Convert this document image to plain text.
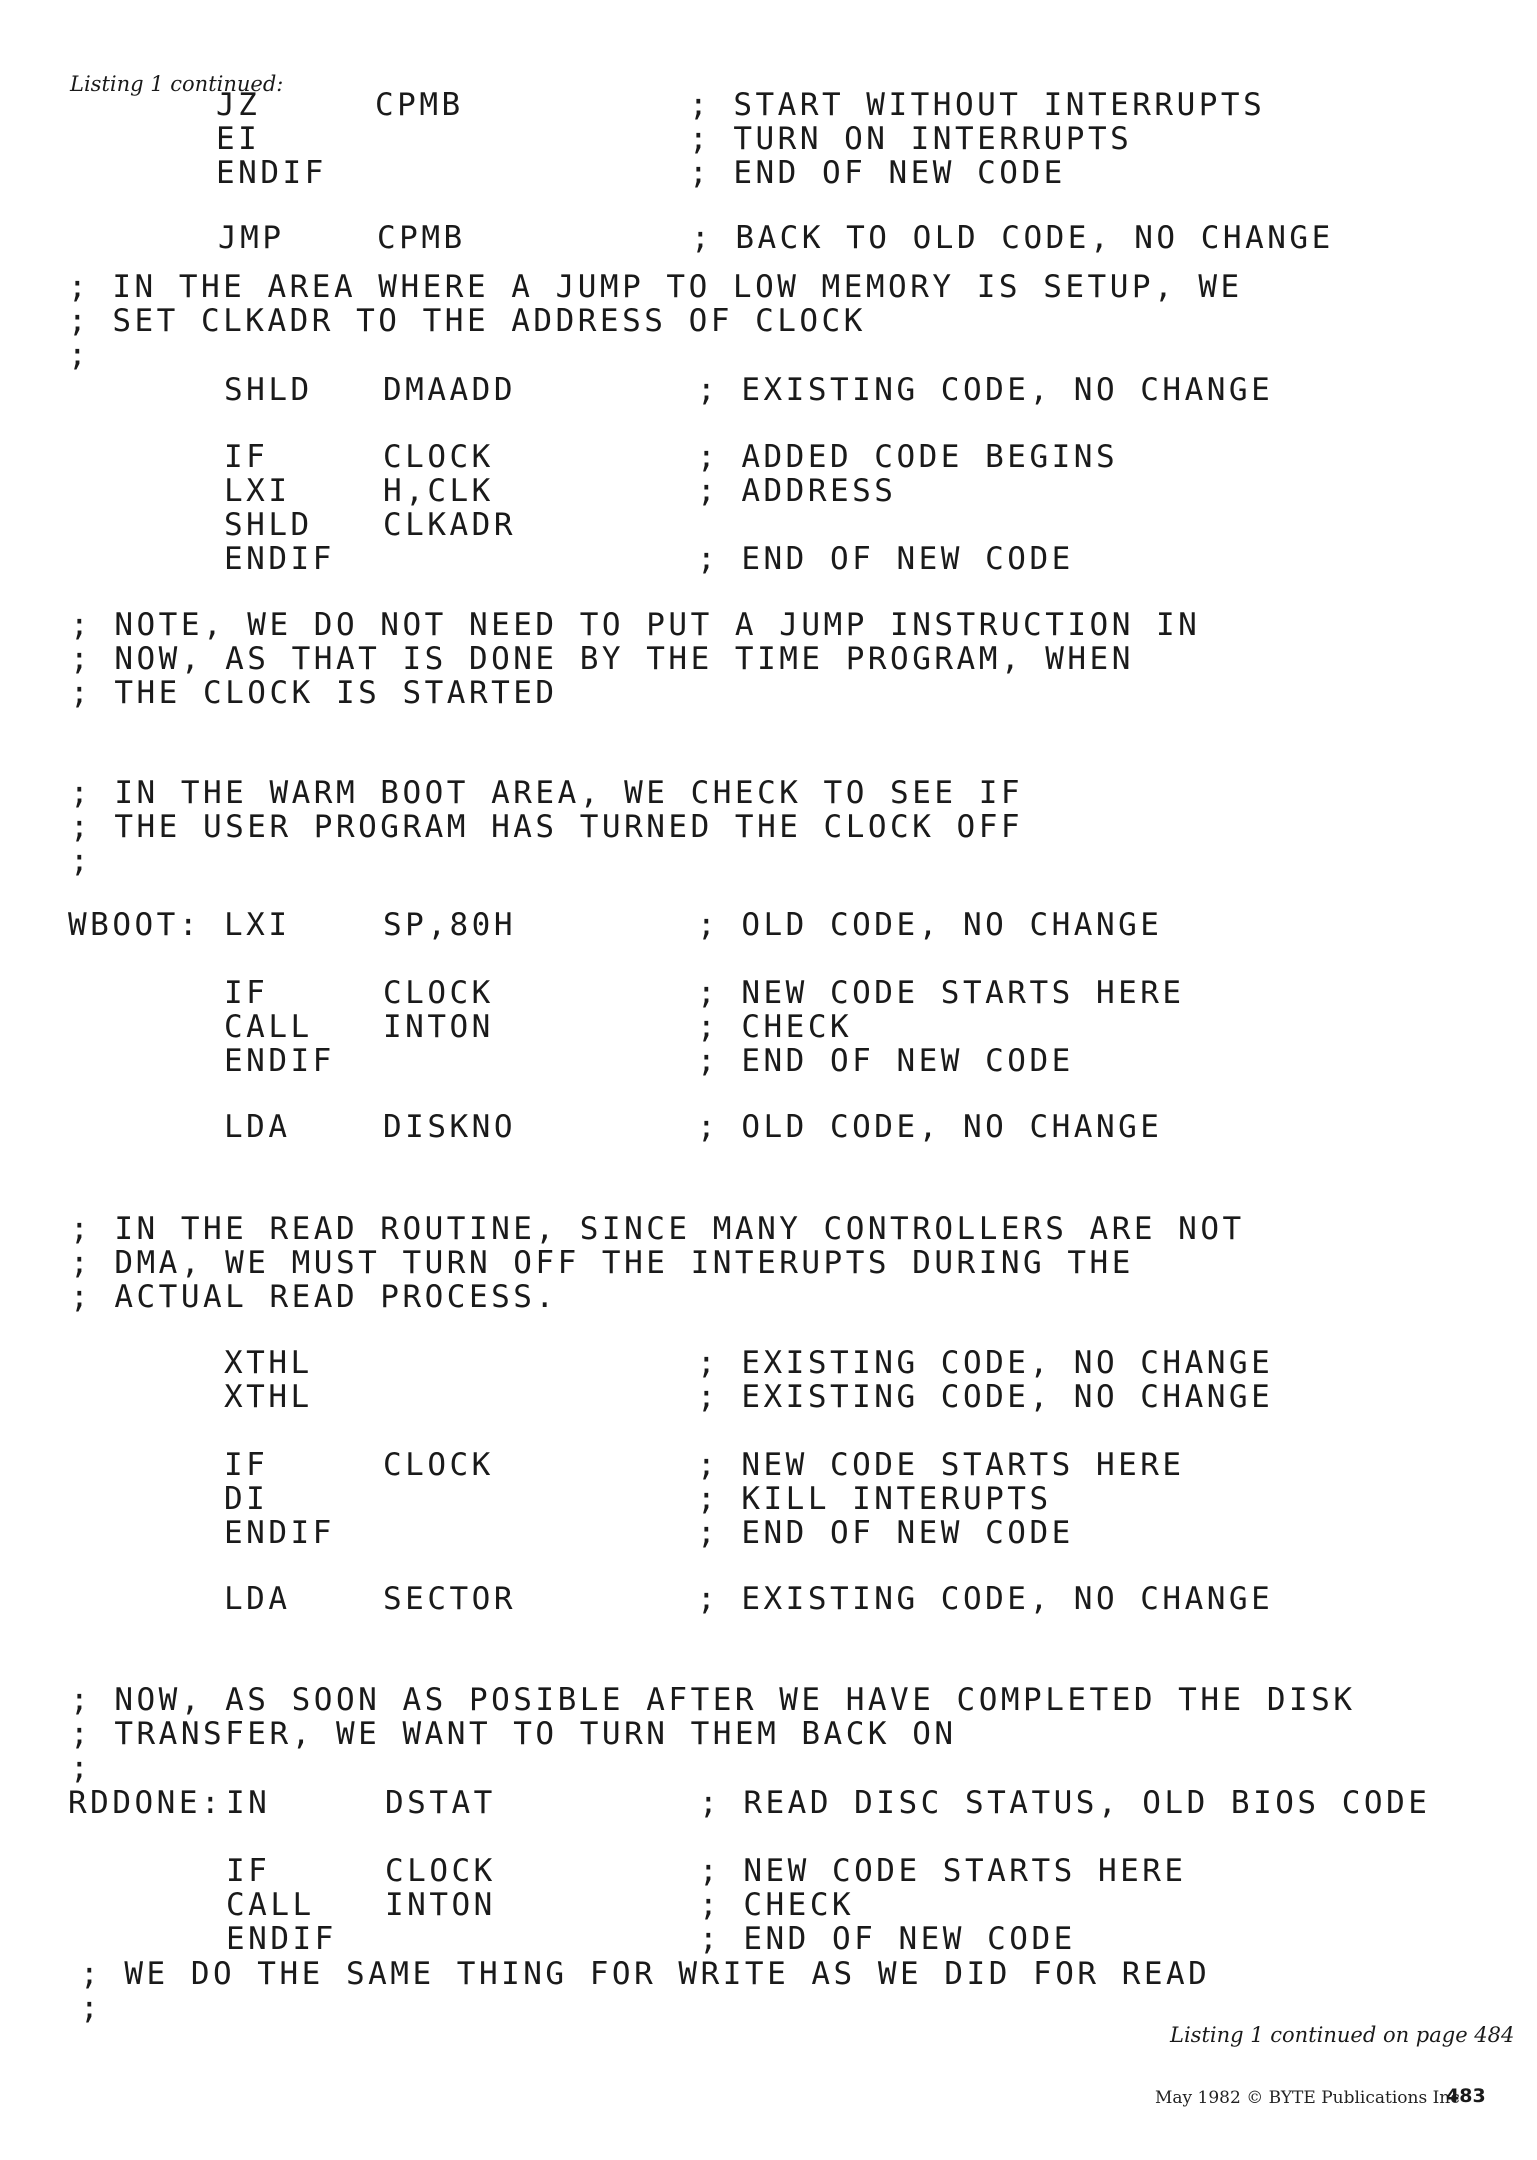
Listing 1 continued:
JZ	CPMB	; START WITHOUT INTERRUPTS
EI	; TURN ON INTERRUPTS
ENDIF	; END OF NEW CODE
JMP	CPMB	; BACK TO OLD CODE, NO CHANGE
; IN THE AREA WHERE A JUMP TO LOW MEMORY IS SETUP, WE
; SET CLKADR TO THE ADDRESS OF CLOCK
;
SHLD DMAADD	; EXISTING CODE, NO CHANGE
IF	CLOCK	; ADDED CODE BEGINS
LXI	H,CLK	; ADDRESS
SHLD CLKADR
ENDIF	; END OF NEW CODE
; NOTE, WE DO NOT NEED TO PUT A JUMP INSTRUCTION IN
; NOW, AS THAT IS DONE BY THE TIME PROGRAM, WHEN
; THE CLOCK IS STARTED
; IN THE WARM BOOT AREA, WE CHECK TO SEE IF
; THE USER PROGRAM HAS TURNED THE CLOCK OFF
;
WBOOT: LXI	SP,80H	; OLD CODE, NO CHANGE
IF	CLOCK	; NEW CODE STARTS HERE
CALL INTON	; CHECK
ENDIF	; END OF NEW CODE
LDA	DISKNO	; OLD CODE, NO CHANGE
; IN THE READ ROUTINE, SINCE MANY CONTROLLERS ARE NOT
; DMA, WE MUST TURN OFF THE INTERUPTS DURING THE
; ACTUAL READ PROCESS.
XTHL	; EXISTING CODE, NO CHANGE
XTHL	; EXISTING CODE, NO CHANGE
IF	CLOCK	; NEW CODE STARTS HERE
DI	; KILL INTERUPTS
ENDIF	; END OF NEW CODE
LDA	SECTOR	; EXISTING CODE, NO CHANGE
; NOW, AS SOON AS POSIBLE AFTER WE HAVE COMPLETED THE DISK
; TRANSFER, WE WANT TO TURN THEM BACK ON
;
RDDONE: IN	DSTAT	; READ DISC STATUS, OLD BIOS CODE
IF	CLOCK	; NEW CODE STARTS HERE
CALL INTON	; CHECK
ENDIF	; END OF NEW CODE
; WE DO THE SAME THING FOR WRITE AS WE DID FOR READ
;
Listing 1 continued on page 484
May 1982 © BYTE Publications Inc
483
